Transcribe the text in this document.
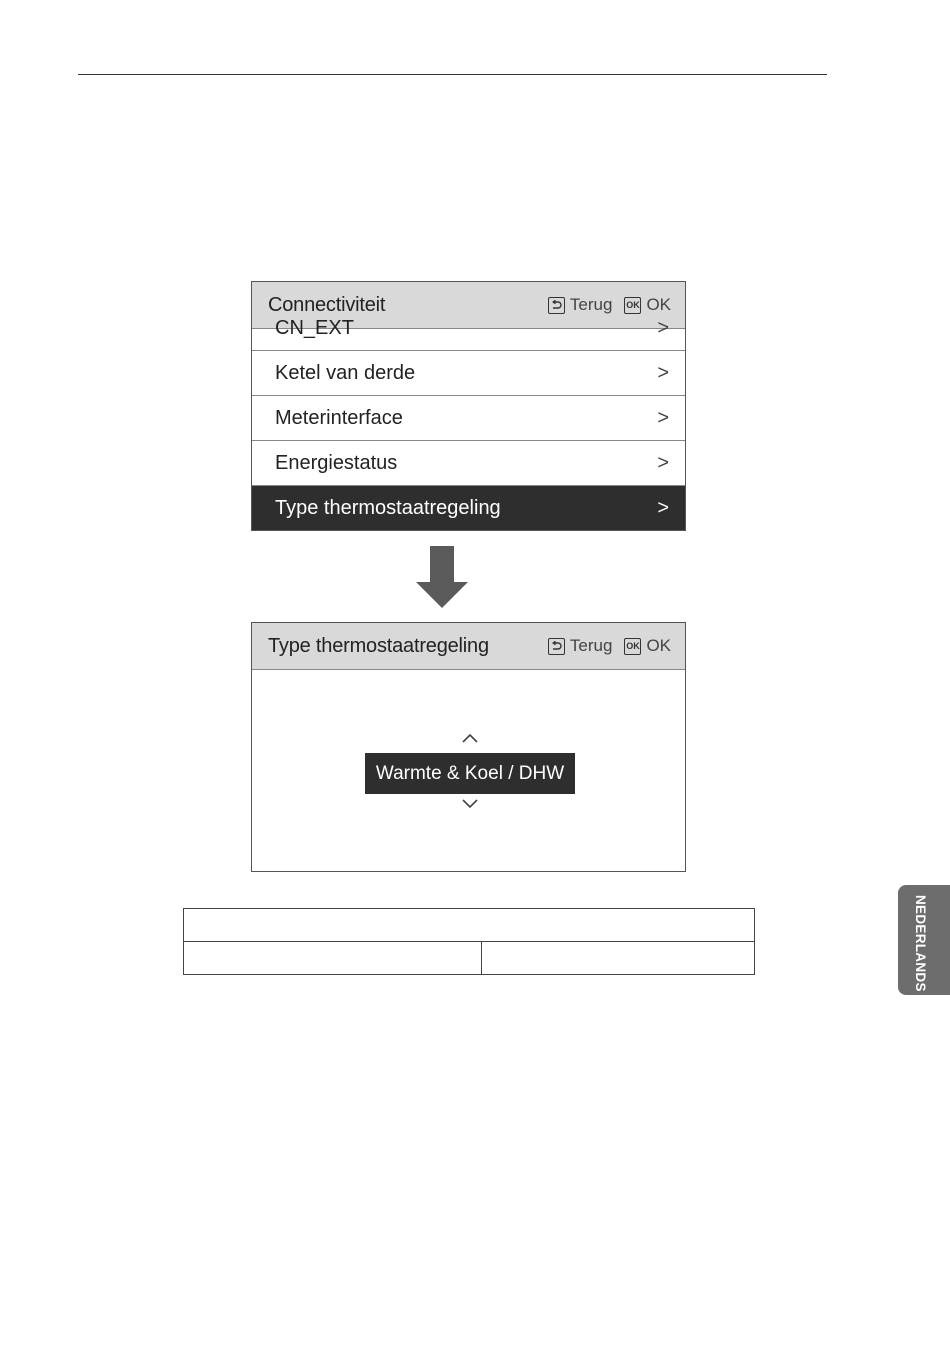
Connectiviteit	Terug OK OK
CN_EXT	>
Ketel van derde	>
Meterinterface	>
Energiestatus	>
Type thermostaatregeling	>
Type thermostaatregeling	Terug OK OK
Warmte & Koel / DHW
NEDERLANDS
